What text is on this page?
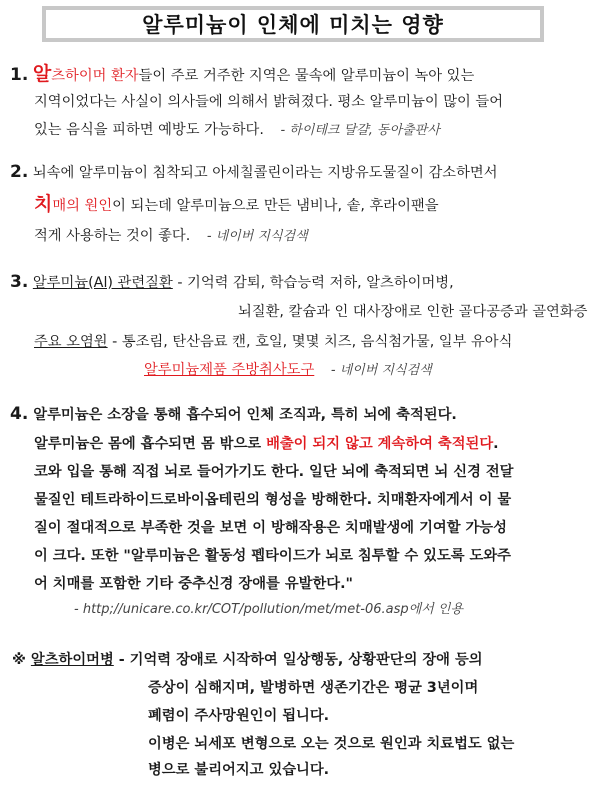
알루미늄이 인체에 미치는 영향
1. 알츠하이머 환자들이 주로 거주한 지역은 물속에 알루미늄이 녹아 있는
지역이었다는 사실이 의사들에 의해서 밝혀졌다. 평소 알루미늄이 많이 들어
있는 음식을 피하면 예방도 가능하다. - 하이테크 달걀, 동아출판사
2. 뇌속에 알루미늄이 침착되고 아세칠콜린이라는 지방유도물질이 감소하면서
치매의 원인이 되는데 알루미늄으로 만든 냄비나, 솥, 후라이팬을
적게 사용하는 것이 좋다. - 네이버 지식검색
3. 알루미늄(Al) 관련질환 - 기억력 감퇴, 학습능력 저하, 알츠하이머병,
뇌질환, 칼슘과 인 대사장애로 인한 골다공증과 골연화증
주요 오염원 - 통조림, 탄산음료 캔, 호일, 몇몇 치즈, 음식첨가물, 일부 유아식
알루미늄제품 주방취사도구 - 네이버 지식검색
4. 알루미늄은 소장을 통해 흡수되어 인체 조직과, 특히 뇌에 축적된다.
알루미늄은 몸에 흡수되면 몸 밖으로 배출이 되지 않고 계속하여 축적된다.
코와 입을 통해 직접 뇌로 들어가기도 한다. 일단 뇌에 축적되면 뇌 신경 전달
물질인 테트라하이드로바이옵테린의 형성을 방해한다. 치매환자에게서 이 물
질이 절대적으로 부족한 것을 보면 이 방해작용은 치매발생에 기여할 가능성
이 크다. 또한 "알루미늄은 활동성 펩타이드가 뇌로 침투할 수 있도록 도와주
어 치매를 포함한 기타 중추신경 장애를 유발한다."
- http;//unicare.co.kr/COT/pollution/met/met-06.asp에서 인용
※ 알츠하이머병 - 기억력 장애로 시작하여 일상행동, 상황판단의 장애 등의
증상이 심해지며, 발병하면 생존기간은 평균 3년이며
폐렴이 주사망원인이 됩니다.
이병은 뇌세포 변형으로 오는 것으로 원인과 치료법도 없는
병으로 불리어지고 있습니다.
